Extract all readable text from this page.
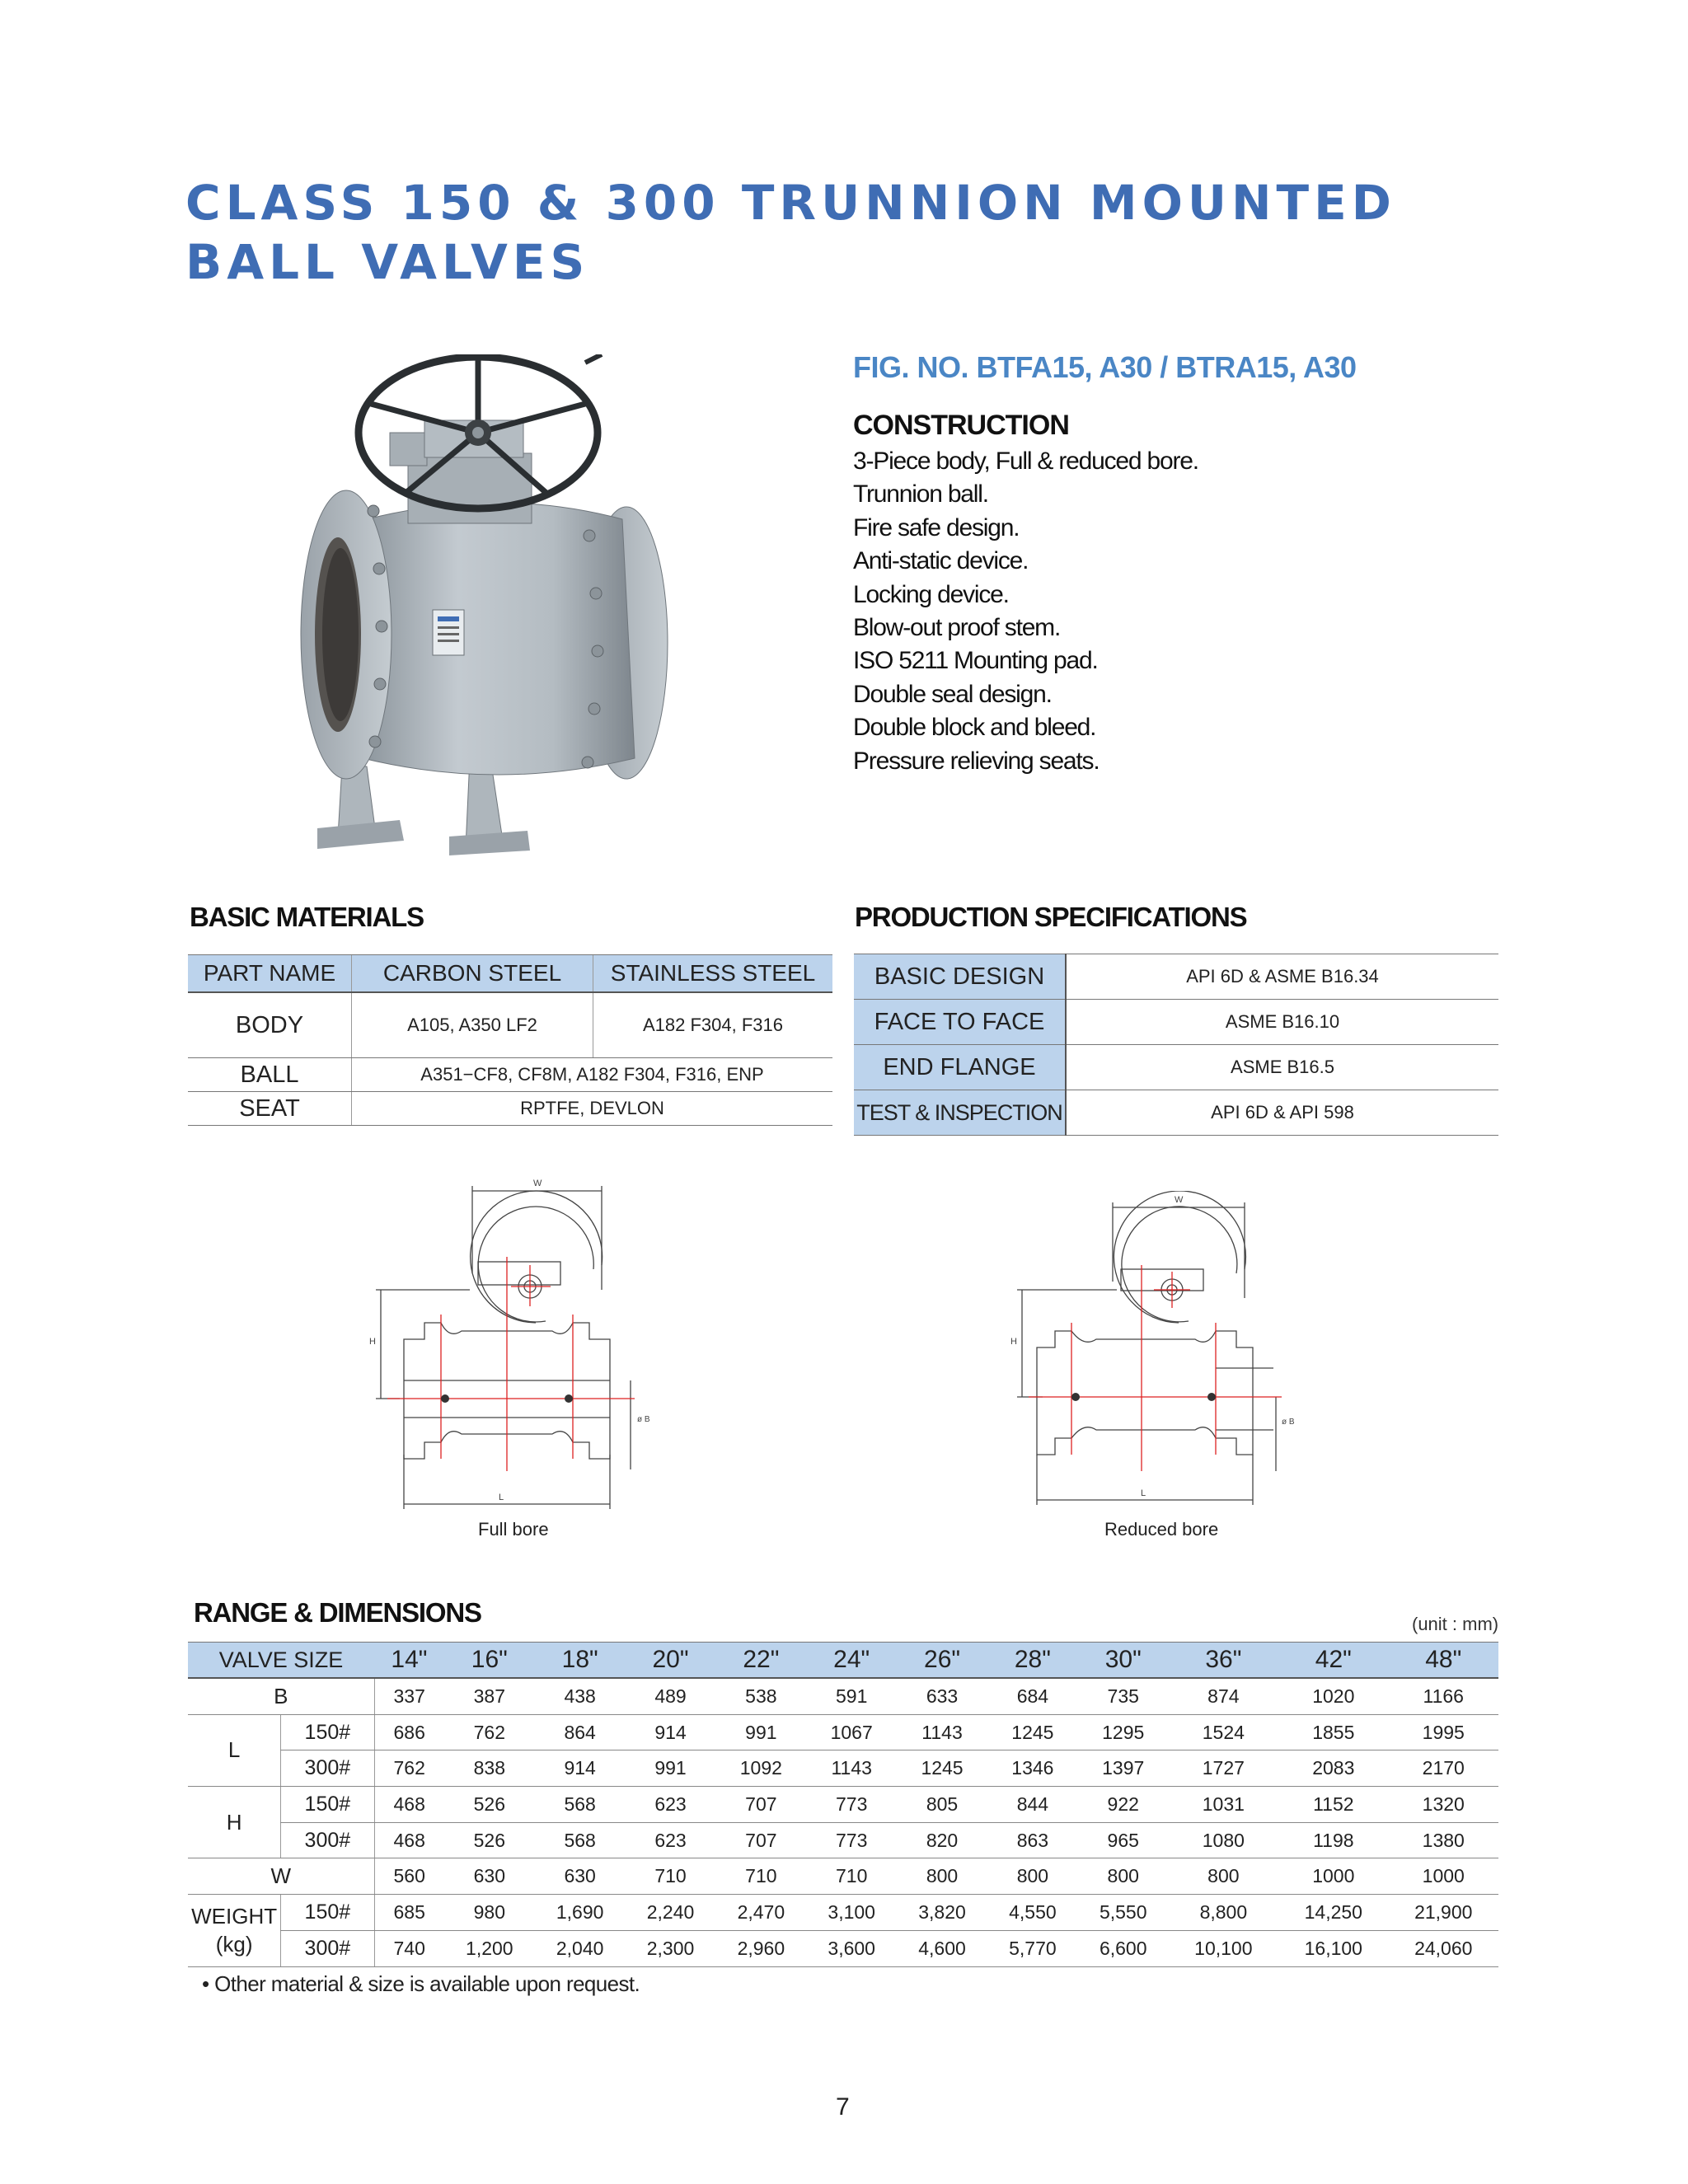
CLASS 150 & 300 TRUNNION MOUNTED
BALL VALVES
FIG. NO. BTFA15, A30 / BTRA15, A30
CONSTRUCTION
3-Piece body, Full & reduced bore.
Trunnion ball.
Fire safe design.
Anti-static device.
Locking device.
Blow-out proof stem.
ISO 5211 Mounting pad.
Double seal design.
Double block and bleed.
Pressure relieving seats.
BASIC MATERIALS
PART NAME	CARBON STEEL	STAINLESS STEEL
BODY	A105, A350 LF2	A182 F304, F316
BALL	A351−CF8, CF8M, A182 F304, F316, ENP	
SEAT	RPTFE, DEVLON	
PRODUCTION SPECIFICATIONS
BASIC DESIGN	API 6D & ASME B16.34
FACE TO FACE	ASME B16.10
END FLANGE	ASME B16.5
TEST & INSPECTION	API 6D & API 598
W
H
L
ø B
Full bore
W
H
L
ø B
Reduced bore
RANGE & DIMENSIONS	(unit : mm)
VALVE SIZE		14"	16"	18"	20"	22"	24"	26"	28"	30"	36"	42"	48"
B		337	387	438	489	538	591	633	684	735	874	1020	1166
L	150#	686	762	864	914	991	1067	1143	1245	1295	1524	1855	1995
	300#	762	838	914	991	1092	1143	1245	1346	1397	1727	2083	2170
H	150#	468	526	568	623	707	773	805	844	922	1031	1152	1320
	300#	468	526	568	623	707	773	820	863	965	1080	1198	1380
W		560	630	630	710	710	710	800	800	800	800	1000	1000
WEIGHT
(kg)	150#	685	980	1,690	2,240	2,470	3,100	3,820	4,550	5,550	8,800	14,250	21,900
	300#	740	1,200	2,040	2,300	2,960	3,600	4,600	5,770	6,600	10,100	16,100	24,060
• Other material & size is available upon request.
7
